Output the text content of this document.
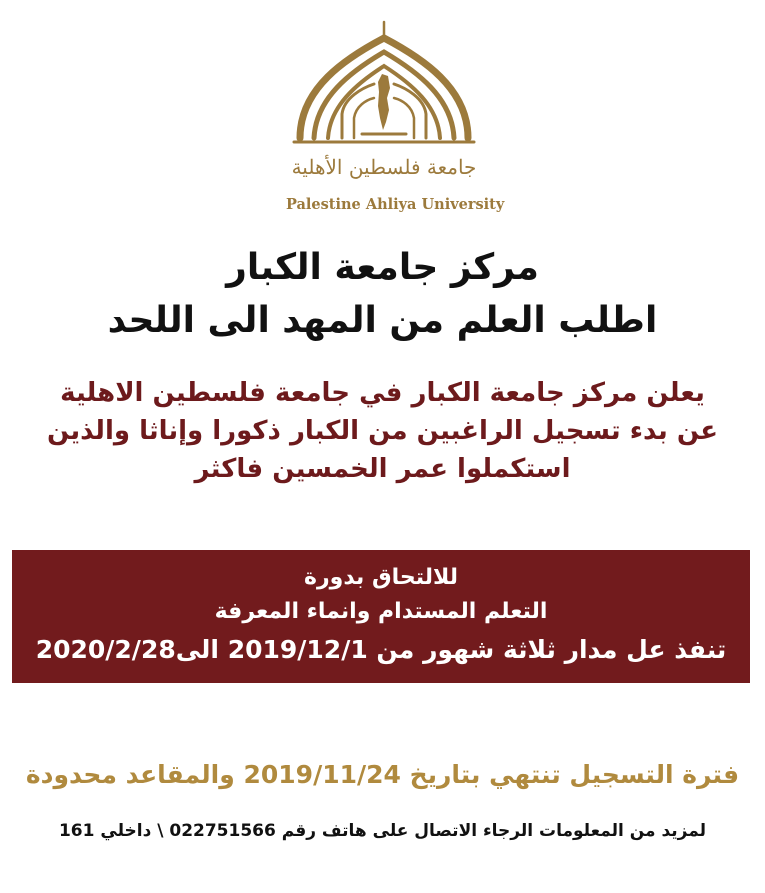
جامعة فلسطين الأهلية
Palestine Ahliya University
مركز جامعة الكبار
اطلب العلم من المهد الى اللحد
يعلن مركز جامعة الكبار في جامعة فلسطين الاهلية
عن بدء تسجيل الراغبين من الكبار ذكورا وإناثا والذين
استكملوا عمر الخمسين فاكثر
للالتحاق بدورة
التعلم المستدام وانماء المعرفة
تنفذ عل مدار ثلاثة شهور من 2019/12/1 الى2020/2/28
فترة التسجيل تنتهي بتاريخ 2019/11/24 والمقاعد محدودة
لمزيد من المعلومات الرجاء الاتصال على هاتف رقم 022751566 \ داخلي 161
